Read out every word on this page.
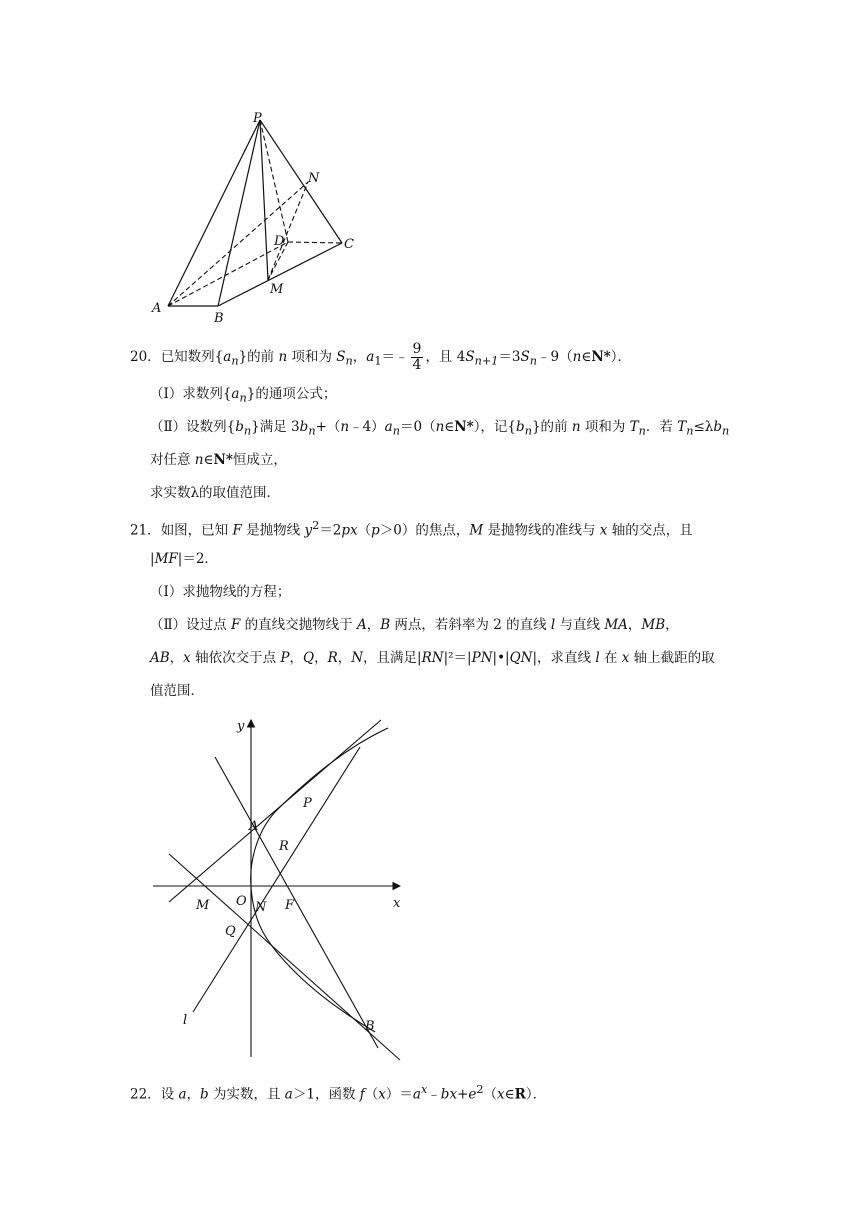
P
N
D	C
M
A
B
20．已知数列$\{a_n\}$的前 n 项和为 $S_n$，$a_1=﹣ \frac{9}{4}$ ，且 $4S_{n+1}=3S_n﹣9(n\in N*)$．
（Ⅰ）求数列$\{a_n\}$的通项公式；
（Ⅱ）设数列$\{b_n\}$满足 $3b_n+(n﹣4)a_n=0(n\in N*)$，记$\{b_n\}$的前 n 项和为 $T_n$．若 $T_n\le\lambda b_n$
对任意 n∈N*恒成立，
求实数λ的取值范围．
21．如图，已知 F 是抛物线 $y^2=2px(p>0)$的焦点，M 是抛物线的准线与 x 轴的交点，且
|MF|＝2．
（Ⅰ）求抛物线的方程；
（Ⅱ）设过点 F 的直线交抛物线于 A，B 两点，若斜率为 2 的直线 l 与直线 MA，MB，
AB，x 轴依次交于点 P，Q，R，N，且满足|RN|²＝|PN|•|QN|，求直线 l 在 x 轴上截距的取
值范围．
y
x
P
A
R
M O N F
Q
l	B
22．设 a，b 为实数，且 a＞1，函数 $f(x)=a^x﹣bx+e^2(x\in R)$．
